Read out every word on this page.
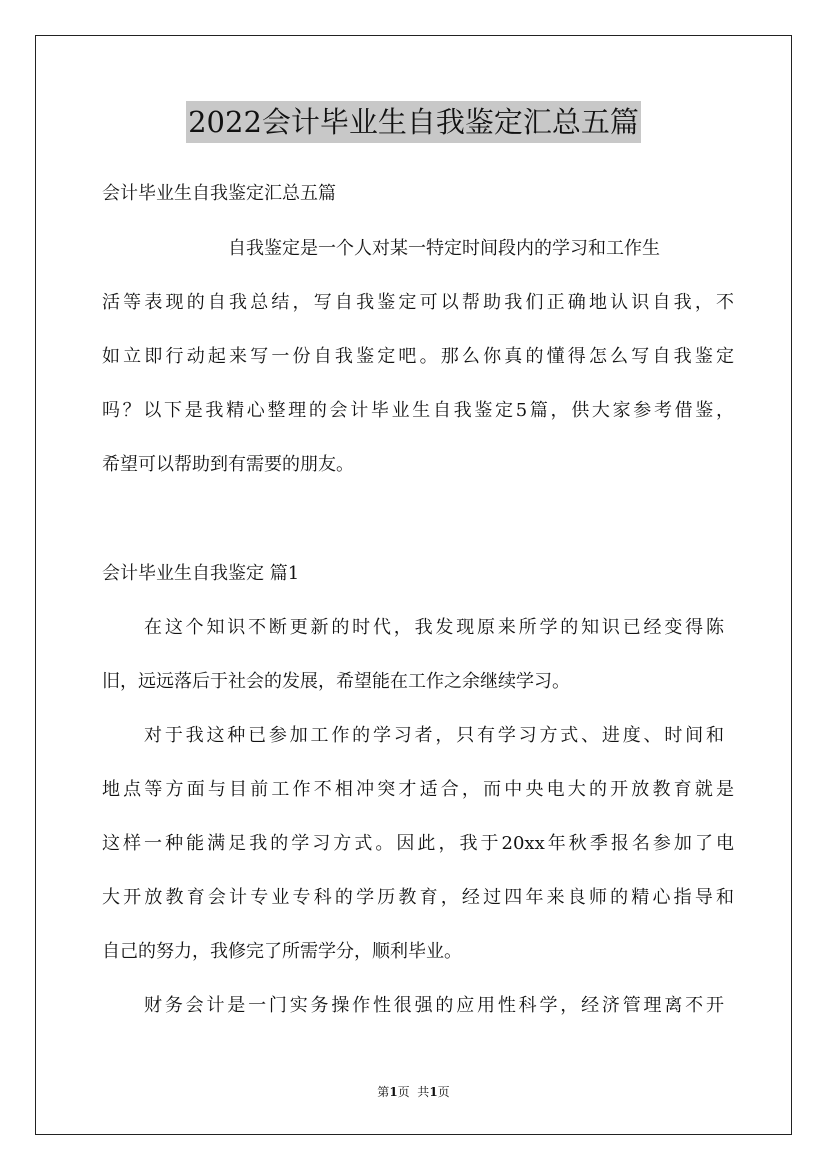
2022会计毕业生自我鉴定汇总五篇
会计毕业生自我鉴定汇总五篇
自我鉴定是一个人对某一特定时间段内的学习和工作生
活等表现的自我总结，写自我鉴定可以帮助我们正确地认识自我，不
如立即行动起来写一份自我鉴定吧。那么你真的懂得怎么写自我鉴定
吗？以下是我精心整理的会计毕业生自我鉴定5篇，供大家参考借鉴，
希望可以帮助到有需要的朋友。
会计毕业生自我鉴定 篇1
在这个知识不断更新的时代，我发现原来所学的知识已经变得陈
旧，远远落后于社会的发展，希望能在工作之余继续学习。
对于我这种已参加工作的学习者，只有学习方式、进度、时间和
地点等方面与目前工作不相冲突才适合，而中央电大的开放教育就是
这样一种能满足我的学习方式。因此，我于20xx年秋季报名参加了电
大开放教育会计专业专科的学历教育，经过四年来良师的精心指导和
自己的努力，我修完了所需学分，顺利毕业。
财务会计是一门实务操作性很强的应用性科学，经济管理离不开
第1页  共1页
